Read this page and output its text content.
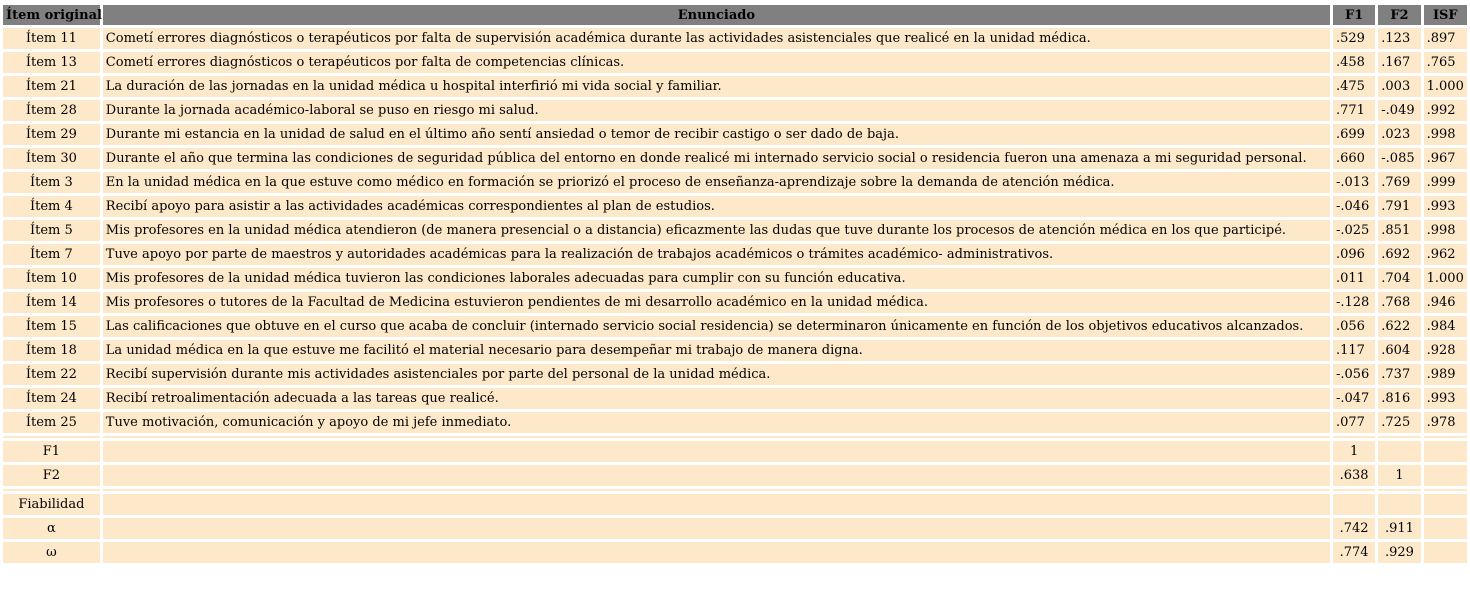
Ítem original	Enunciado	F1	F2	ISF
Ítem 11	Cometí errores diagnósticos o terapéuticos por falta de supervisión académica durante las actividades asistenciales que realicé en la unidad médica.	.529	.123	.897
Ítem 13	Cometí errores diagnósticos o terapéuticos por falta de competencias clínicas.	.458	.167	.765
Ítem 21	La duración de las jornadas en la unidad médica u hospital interfirió mi vida social y familiar.	.475	.003	1.000
Ítem 28	Durante la jornada académico-laboral se puso en riesgo mi salud.	.771	-.049	.992
Ítem 29	Durante mi estancia en la unidad de salud en el último año sentí ansiedad o temor de recibir castigo o ser dado de baja.	.699	.023	.998
Ítem 30	Durante el año que termina las condiciones de seguridad pública del entorno en donde realicé mi internado servicio social o residencia fueron una amenaza a mi seguridad personal.	.660	-.085	.967
Ítem 3	En la unidad médica en la que estuve como médico en formación se priorizó el proceso de enseñanza-aprendizaje sobre la demanda de atención médica.	-.013	.769	.999
Ítem 4	Recibí apoyo para asistir a las actividades académicas correspondientes al plan de estudios.	-.046	.791	.993
Ítem 5	Mis profesores en la unidad médica atendieron (de manera presencial o a distancia) eficazmente las dudas que tuve durante los procesos de atención médica en los que participé.	-.025	.851	.998
Ítem 7	Tuve apoyo por parte de maestros y autoridades académicas para la realización de trabajos académicos o trámites académico- administrativos.	.096	.692	.962
Ítem 10	Mis profesores de la unidad médica tuvieron las condiciones laborales adecuadas para cumplir con su función educativa.	.011	.704	1.000
Ítem 14	Mis profesores o tutores de la Facultad de Medicina estuvieron pendientes de mi desarrollo académico en la unidad médica.	-.128	.768	.946
Ítem 15	Las calificaciones que obtuve en el curso que acaba de concluir (internado servicio social residencia) se determinaron únicamente en función de los objetivos educativos alcanzados.	.056	.622	.984
Ítem 18	La unidad médica en la que estuve me facilitó el material necesario para desempeñar mi trabajo de manera digna.	.117	.604	.928
Ítem 22	Recibí supervisión durante mis actividades asistenciales por parte del personal de la unidad médica.	-.056	.737	.989
Ítem 24	Recibí retroalimentación adecuada a las tareas que realicé.	-.047	.816	.993
Ítem 25	Tuve motivación, comunicación y apoyo de mi jefe inmediato.	.077	.725	.978

F1		1		
F2		.638	1	

Fiabilidad				
α		.742	.911	
ω		.774	.929	
